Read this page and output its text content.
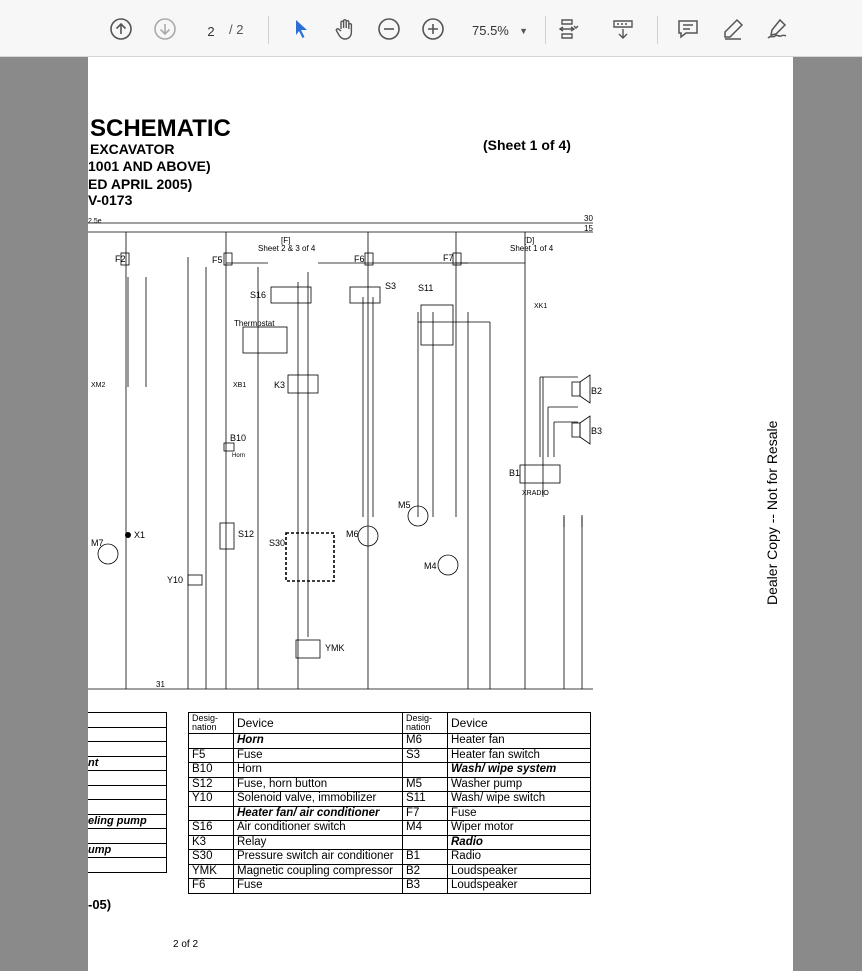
2	/ 2	75.5% ▼
SCHEMATIC
EXCAVATOR
1001 AND ABOVE)
ED APRIL 2005)
V-0173
(Sheet 1 of 4)
30
15
31
2.5e
F2	F5	F6	F7
[F]
Sheet 2 & 3 of 4
[D]
Sheet 1 of 4
S16
S3 S11
Thermostat
K3
B10
Horn
S12
S30
M6
M5
M4
M7
X1
Y10
YMK
B1
B2
B3
XM2	XB1
XK1
XRADIO

nt

eling pump

ump

Desig-nation	Device	Desig-nation	Device
	Horn	M6	Heater fan
F5	Fuse	S3	Heater fan switch
B10	Horn		Wash/ wipe system
S12	Fuse, horn button	M5	Washer pump
Y10	Solenoid valve, immobilizer	S11	Wash/ wipe switch
	Heater fan/ air conditioner	F7	Fuse
S16	Air conditioner switch	M4	Wiper motor
K3	Relay		Radio
S30	Pressure switch air conditioner	B1	Radio
YMK	Magnetic coupling compressor	B2	Loudspeaker
F6	Fuse	B3	Loudspeaker
-05)
2 of 2
Dealer Copy -- Not for Resale
